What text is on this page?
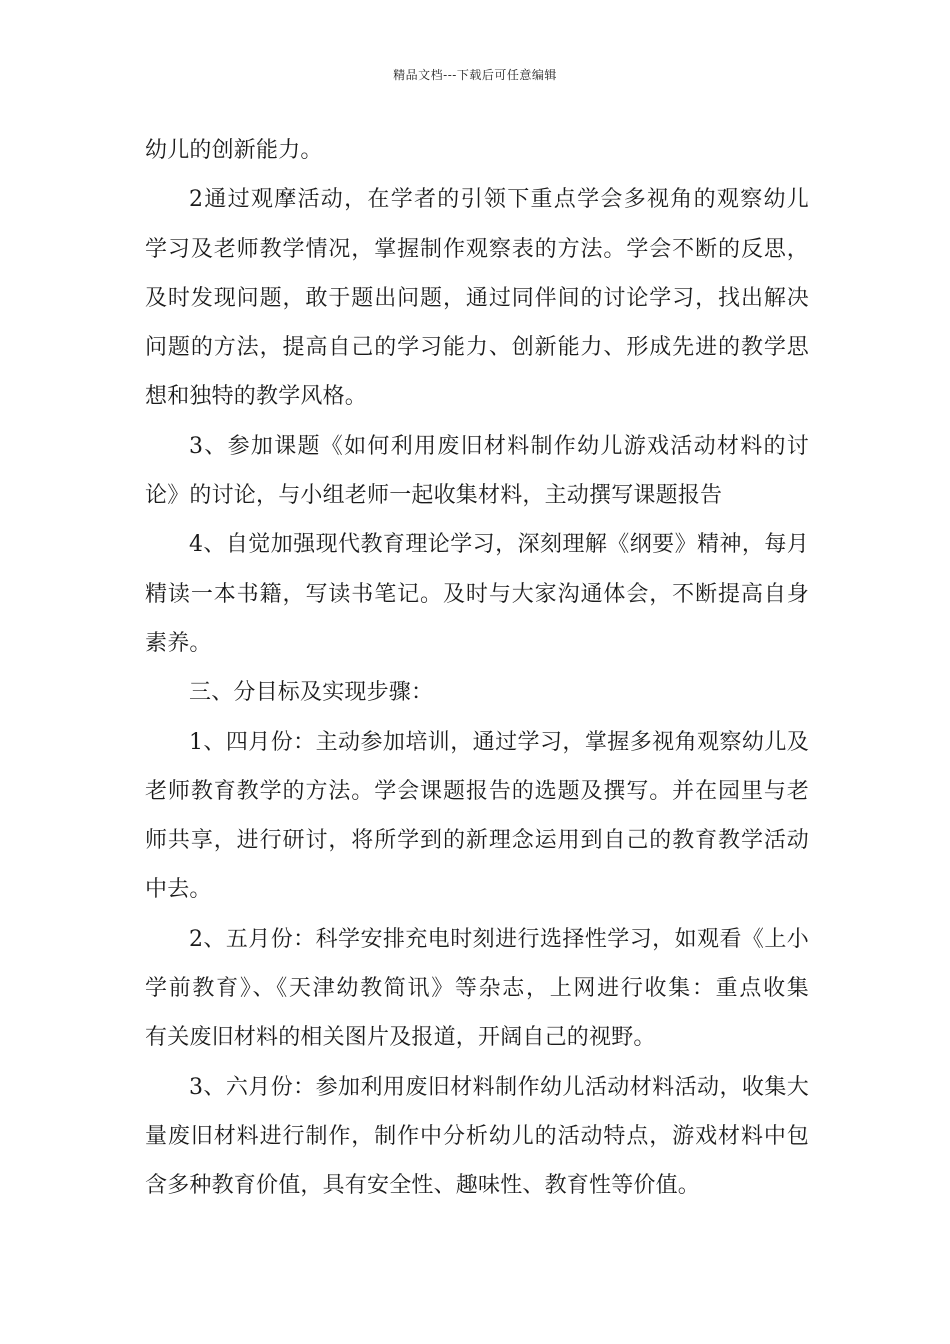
精品文档---下载后可任意编辑
幼儿的创新能力。
2通过观摩活动，在学者的引领下重点学会多视角的观察幼儿
学习及老师教学情况，掌握制作观察表的方法。学会不断的反思，
及时发现问题，敢于题出问题，通过同伴间的讨论学习，找出解决
问题的方法，提高自己的学习能力、创新能力、形成先进的教学思
想和独特的教学风格。
3、参加课题《如何利用废旧材料制作幼儿游戏活动材料的讨
论》的讨论，与小组老师一起收集材料，主动撰写课题报告
4、自觉加强现代教育理论学习，深刻理解《纲要》精神，每月
精读一本书籍，写读书笔记。及时与大家沟通体会，不断提高自身
素养。
三、分目标及实现步骤：
1、四月份：主动参加培训，通过学习，掌握多视角观察幼儿及
老师教育教学的方法。学会课题报告的选题及撰写。并在园里与老
师共享，进行研讨，将所学到的新理念运用到自己的教育教学活动
中去。
2、五月份：科学安排充电时刻进行选择性学习，如观看《上小
学前教育》、《天津幼教简讯》等杂志，上网进行收集：重点收集
有关废旧材料的相关图片及报道，开阔自己的视野。
3、六月份：参加利用废旧材料制作幼儿活动材料活动，收集大
量废旧材料进行制作，制作中分析幼儿的活动特点，游戏材料中包
含多种教育价值，具有安全性、趣味性、教育性等价值。
